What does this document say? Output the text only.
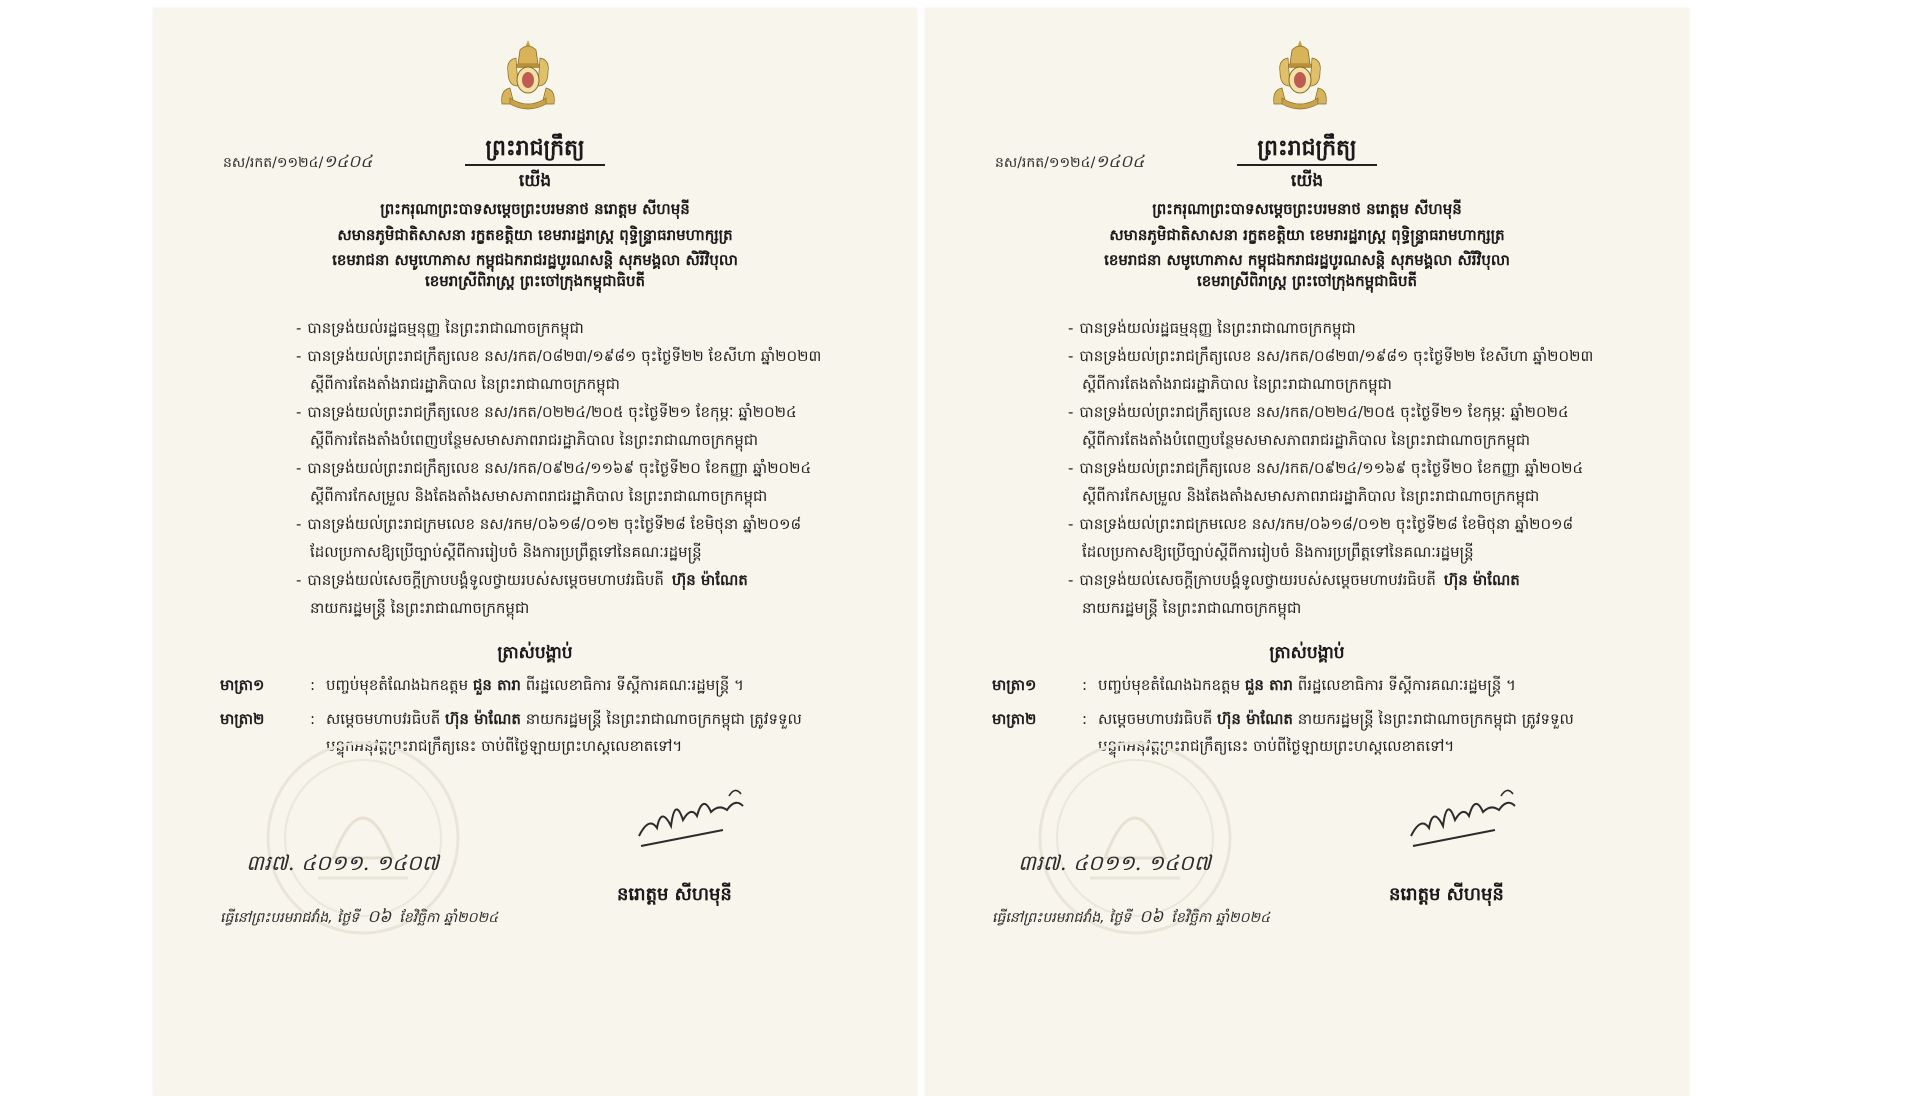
នស/រកត/១១២៤/១៤០៤
ព្រះរាជក្រឹត្យ
យើង
ព្រះករុណាព្រះបាទសម្តេចព្រះបរមនាថ នរោត្តម សីហមុនី
សមានភូមិជាតិសាសនា រក្ខតខត្តិយា ខេមរារដ្ឋរាស្ត្រ ពុទ្ធិន្ទ្រាធរាមហាក្សត្រ
ខេមរាជនា សមូហោភាស កម្ពុជឯករាជរដ្ឋបូរណសន្តិ សុភមង្គលា សិរីវិបុលា
ខេមរាស្រីពិរាស្ត្រ ព្រះចៅក្រុងកម្ពុជាធិបតី
- បានទ្រង់យល់រដ្ឋធម្មនុញ្ញ នៃព្រះរាជាណាចក្រកម្ពុជា
- បានទ្រង់យល់ព្រះរាជក្រឹត្យលេខ នស/រកត/០៨២៣/១៩៨១ ចុះថ្ងៃទី២២ ខែសីហា ឆ្នាំ២០២៣
ស្តីពីការតែងតាំងរាជរដ្ឋាភិបាល នៃព្រះរាជាណាចក្រកម្ពុជា
- បានទ្រង់យល់ព្រះរាជក្រឹត្យលេខ នស/រកត/០២២៤/២០៥ ចុះថ្ងៃទី២១ ខែកុម្ភៈ ឆ្នាំ២០២៤
ស្តីពីការតែងតាំងបំពេញបន្ថែមសមាសភាពរាជរដ្ឋាភិបាល នៃព្រះរាជាណាចក្រកម្ពុជា
- បានទ្រង់យល់ព្រះរាជក្រឹត្យលេខ នស/រកត/០៩២៤/១១៦៩ ចុះថ្ងៃទី២០ ខែកញ្ញា ឆ្នាំ២០២៤
ស្តីពីការកែសម្រួល និងតែងតាំងសមាសភាពរាជរដ្ឋាភិបាល នៃព្រះរាជាណាចក្រកម្ពុជា
- បានទ្រង់យល់ព្រះរាជក្រមលេខ នស/រកម/០៦១៨/០១២ ចុះថ្ងៃទី២៨ ខែមិថុនា ឆ្នាំ២០១៨
ដែលប្រកាសឱ្យប្រើច្បាប់ស្តីពីការរៀបចំ និងការប្រព្រឹត្តទៅនៃគណៈរដ្ឋមន្ត្រី
- បានទ្រង់យល់សេចក្តីក្រាបបង្គំទូលថ្វាយរបស់សម្តេចមហាបវរធិបតី ហ៊ុន ម៉ាណែត
នាយករដ្ឋមន្ត្រី នៃព្រះរាជាណាចក្រកម្ពុជា
ត្រាស់បង្គាប់
មាត្រា១	: បញ្ចប់មុខតំណែងឯកឧត្តម ជួន តារា ពីរដ្ឋលេខាធិការ ទីស្តីការគណៈរដ្ឋមន្ត្រី ។
មាត្រា២	: សម្តេចមហាបវរធិបតី ហ៊ុន ម៉ាណែត នាយករដ្ឋមន្ត្រី នៃព្រះរាជាណាចក្រកម្ពុជា ត្រូវទទួល
បន្ទុកអនុវត្តព្រះរាជក្រឹត្យនេះ ចាប់ពីថ្ងៃឡាយព្រះហស្តលេខាតទៅ។
៣រ៧. ៤០១១. ១៤០៧
នរោត្តម សីហមុនី
ធ្វើនៅព្រះបរមរាជវាំង, ថ្ងៃទី ០៦ ខែវិច្ឆិកា ឆ្នាំ២០២៤
នស/រកត/១១២៤/១៤០៤
ព្រះរាជក្រឹត្យ
យើង
ព្រះករុណាព្រះបាទសម្តេចព្រះបរមនាថ នរោត្តម សីហមុនី
សមានភូមិជាតិសាសនា រក្ខតខត្តិយា ខេមរារដ្ឋរាស្ត្រ ពុទ្ធិន្ទ្រាធរាមហាក្សត្រ
ខេមរាជនា សមូហោភាស កម្ពុជឯករាជរដ្ឋបូរណសន្តិ សុភមង្គលា សិរីវិបុលា
ខេមរាស្រីពិរាស្ត្រ ព្រះចៅក្រុងកម្ពុជាធិបតី
- បានទ្រង់យល់រដ្ឋធម្មនុញ្ញ នៃព្រះរាជាណាចក្រកម្ពុជា
- បានទ្រង់យល់ព្រះរាជក្រឹត្យលេខ នស/រកត/០៨២៣/១៩៨១ ចុះថ្ងៃទី២២ ខែសីហា ឆ្នាំ២០២៣
ស្តីពីការតែងតាំងរាជរដ្ឋាភិបាល នៃព្រះរាជាណាចក្រកម្ពុជា
- បានទ្រង់យល់ព្រះរាជក្រឹត្យលេខ នស/រកត/០២២៤/២០៥ ចុះថ្ងៃទី២១ ខែកុម្ភៈ ឆ្នាំ២០២៤
ស្តីពីការតែងតាំងបំពេញបន្ថែមសមាសភាពរាជរដ្ឋាភិបាល នៃព្រះរាជាណាចក្រកម្ពុជា
- បានទ្រង់យល់ព្រះរាជក្រឹត្យលេខ នស/រកត/០៩២៤/១១៦៩ ចុះថ្ងៃទី២០ ខែកញ្ញា ឆ្នាំ២០២៤
ស្តីពីការកែសម្រួល និងតែងតាំងសមាសភាពរាជរដ្ឋាភិបាល នៃព្រះរាជាណាចក្រកម្ពុជា
- បានទ្រង់យល់ព្រះរាជក្រមលេខ នស/រកម/០៦១៨/០១២ ចុះថ្ងៃទី២៨ ខែមិថុនា ឆ្នាំ២០១៨
ដែលប្រកាសឱ្យប្រើច្បាប់ស្តីពីការរៀបចំ និងការប្រព្រឹត្តទៅនៃគណៈរដ្ឋមន្ត្រី
- បានទ្រង់យល់សេចក្តីក្រាបបង្គំទូលថ្វាយរបស់សម្តេចមហាបវរធិបតី ហ៊ុន ម៉ាណែត
នាយករដ្ឋមន្ត្រី នៃព្រះរាជាណាចក្រកម្ពុជា
ត្រាស់បង្គាប់
មាត្រា១	: បញ្ចប់មុខតំណែងឯកឧត្តម ជួន តារា ពីរដ្ឋលេខាធិការ ទីស្តីការគណៈរដ្ឋមន្ត្រី ។
មាត្រា២	: សម្តេចមហាបវរធិបតី ហ៊ុន ម៉ាណែត នាយករដ្ឋមន្ត្រី នៃព្រះរាជាណាចក្រកម្ពុជា ត្រូវទទួល
បន្ទុកអនុវត្តព្រះរាជក្រឹត្យនេះ ចាប់ពីថ្ងៃឡាយព្រះហស្តលេខាតទៅ។
៣រ៧. ៤០១១. ១៤០៧
នរោត្តម សីហមុនី
ធ្វើនៅព្រះបរមរាជវាំង, ថ្ងៃទី ០៦ ខែវិច្ឆិកា ឆ្នាំ២០២៤
